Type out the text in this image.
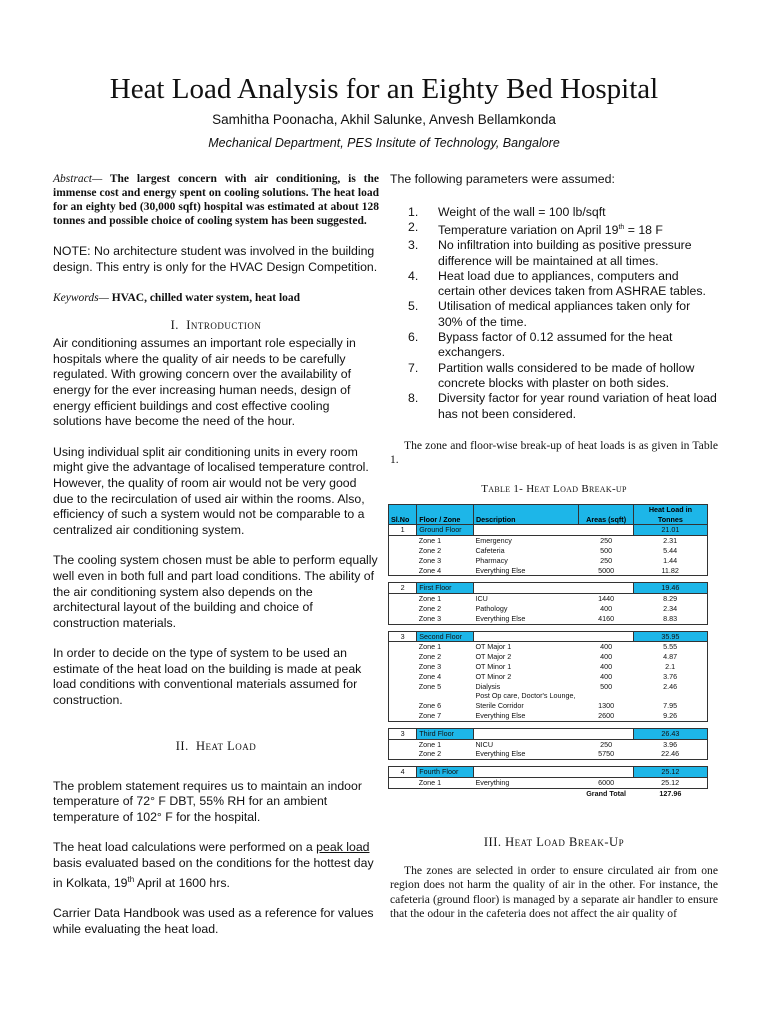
Heat Load Analysis for an Eighty Bed Hospital
Samhitha Poonacha, Akhil Salunke, Anvesh Bellamkonda
Mechanical Department, PES Insitute of Technology, Bangalore

Abstract— The largest concern with air conditioning, is the immense cost and energy spent on cooling solutions. The heat load for an eighty bed (30,000 sqft) hospital was estimated at about 128 tonnes and possible choice of cooling system has been suggested.

NOTE: No architecture student was involved in the building design. This entry is only for the HVAC Design Competition.

Keywords— HVAC, chilled water system, heat load

I. Introduction

Air conditioning assumes an important role especially in hospitals where the quality of air needs to be carefully regulated. With growing concern over the availability of energy for the ever increasing human needs, design of energy efficient buildings and cost effective cooling solutions have become the need of the hour.

Using individual split air conditioning units in every room might give the advantage of localised temperature control. However, the quality of room air would not be very good due to the recirculation of used air within the rooms. Also, efficiency of such a system would not be comparable to a centralized air conditioning system.

The cooling system chosen must be able to perform equally well even in both full and part load conditions. The ability of the air conditioning system also depends on the architectural layout of the building and choice of construction materials.

In order to decide on the type of system to be used an estimate of the heat load on the building is made at peak load conditions with conventional materials assumed for construction.

II. Heat Load

The problem statement requires us to maintain an indoor temperature of 72° F DBT, 55% RH for an ambient temperature of 102° F for the hospital.

The heat load calculations were performed on a peak load basis evaluated based on the conditions for the hottest day in Kolkata, 19th April at 1600 hrs.

Carrier Data Handbook was used as a reference for values while evaluating the heat load.

The following parameters were assumed:

1.	Weight of the wall = 100 lb/sqft
2.	Temperature variation on April 19th = 18 F
3.	No infiltration into building as positive pressure difference will be maintained at all times.
4.	Heat load due to appliances, computers and certain other devices taken from ASHRAE tables.
5.	Utilisation of medical appliances taken only for 30% of the time.
6.	Bypass factor of 0.12 assumed for the heat exchangers.
7.	Partition walls considered to be made of hollow concrete blocks with plaster on both sides.
8.	Diversity factor for year round variation of heat load has not been considered.

The zone and floor-wise break-up of heat loads is as given in Table 1.

Table 1- Heat Load Break-up

Sl.No	Floor / Zone	Description	Areas (sqft)	Heat Load in Tonnes
1	Ground Floor			21.01
	Zone 1	Emergency	250	2.31
	Zone 2	Cafeteria	500	5.44
	Zone 3	Pharmacy	250	1.44
	Zone 4	Everything Else	5000	11.82

2	First Floor			19.46
	Zone 1	ICU	1440	8.29
	Zone 2	Pathology	400	2.34
	Zone 3	Everything Else	4160	8.83

3	Second Floor			35.95
	Zone 1	OT Major 1	400	5.55
	Zone 2	OT Major 2	400	4.87
	Zone 3	OT Minor 1	400	2.1
	Zone 4	OT Minor 2	400	3.76
	Zone 5	Dialysis	500	2.46
		Post Op care, Doctor's Lounge,		
	Zone 6	Sterile Corridor	1300	7.95
	Zone 7	Everything Else	2600	9.26

3	Third Floor			26.43
	Zone 1	NICU	250	3.96
	Zone 2	Everything Else	5750	22.46

4	Fourth Floor			25.12
	Zone 1	Everything	6000	25.12
			Grand Total	127.96

III. Heat Load Break-Up

The zones are selected in order to ensure circulated air from one region does not harm the quality of air in the other. For instance, the cafeteria (ground floor) is managed by a separate air handler to ensure that the odour in the cafeteria does not affect the air quality of
